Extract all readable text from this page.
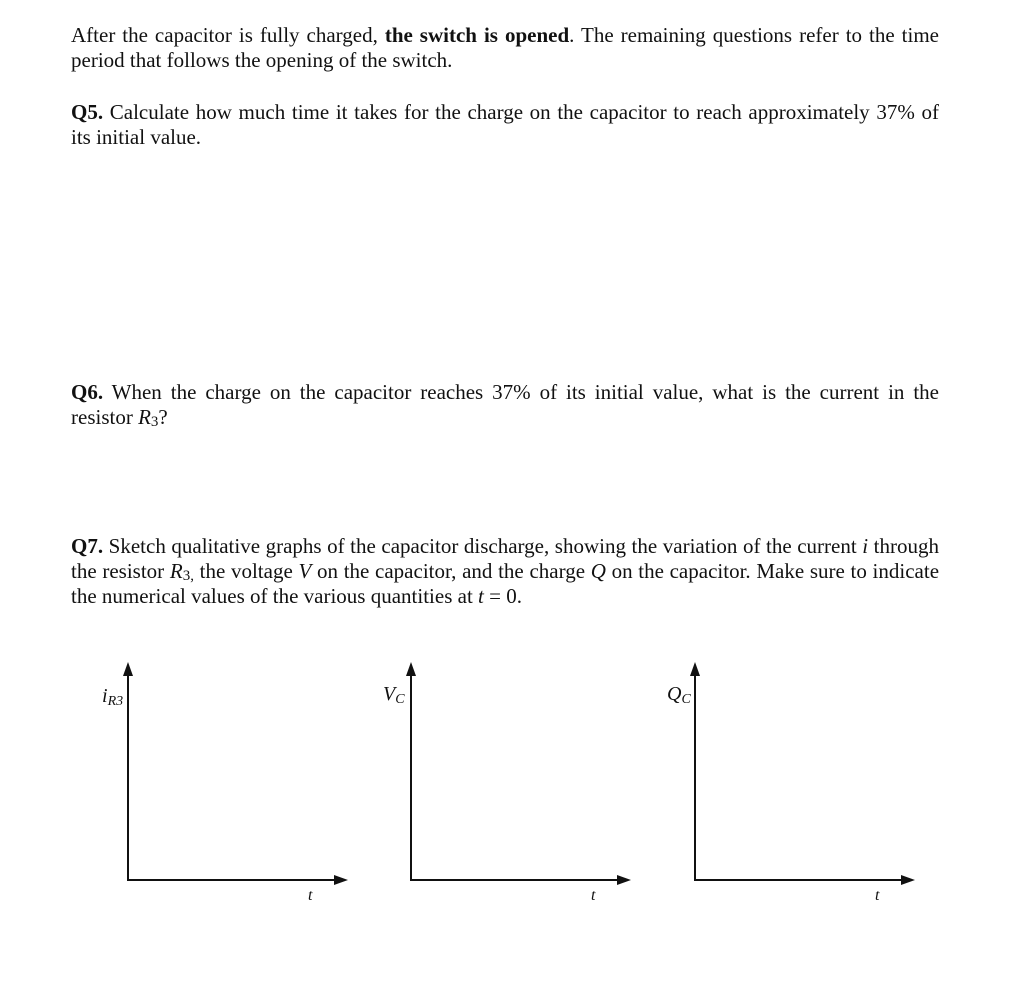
After the capacitor is fully charged, the switch is opened. The remaining questions refer to the time period that follows the opening of the switch.

Q5. Calculate how much time it takes for the charge on the capacitor to reach approximately 37% of its initial value.

Q6. When the charge on the capacitor reaches 37% of its initial value, what is the current in the resistor $R_3$?

Q7. Sketch qualitative graphs of the capacitor discharge, showing the variation of the current i through the resistor $R_{3,}$ the voltage V on the capacitor, and the charge Q on the capacitor. Make sure to indicate the numerical values of the various quantities at t = 0.

$i_{R3}$
t
$V_C$
t
$Q_C$
t
